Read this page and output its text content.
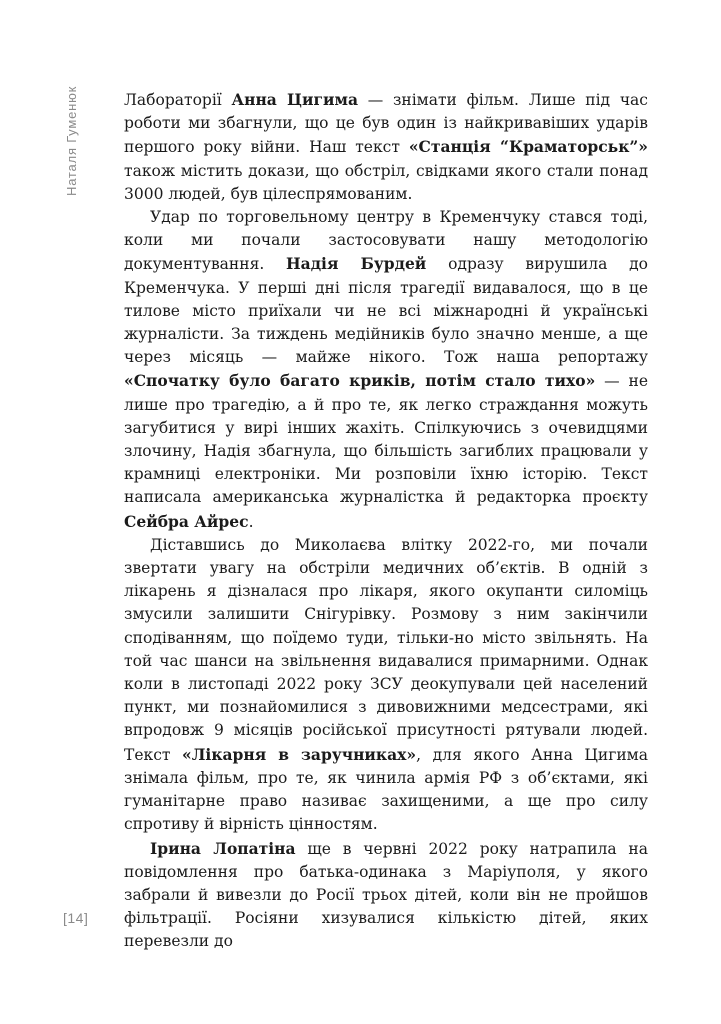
Наталя Гуменюк	Лабораторії Анна Цигима — знімати фільм. Лише під час роботи ми збагнули, що це був один із найкривавіших ударів першого року війни. Наш текст «Станція “Краматорськ”» також містить докази, що обстріл, свідками якого стали понад 3000 людей, був цілеспрямованим.

Удар по торговельному центру в Кременчуку стався тоді, коли ми почали застосовувати нашу методологію документування. Надія Бурдей одразу вирушила до Кременчука. У перші дні після трагедії видавалося, що в це тилове місто приїхали чи не всі міжнародні й українські журналісти. За тиждень медійників було значно менше, а ще через місяць — майже нікого. Тож наша репортажу «Спочатку було багато криків, потім стало тихо» — не лише про трагедію, а й про те, як легко страждання можуть загубитися у вирі інших жахіть. Спілкуючись з очевидцями злочину, Надія збагнула, що більшість загиблих працювали у крамниці електроніки. Ми розповіли їхню історію. Текст написала американська журналістка й редакторка проєкту Сейбра Айрес.

Діставшись до Миколаєва влітку 2022-го, ми почали звертати увагу на обстріли медичних об’єктів. В одній з лікарень я дізналася про лікаря, якого окупанти силоміць змусили залишити Снігурівку. Розмову з ним закінчили сподіванням, що поїдемо туди, тільки-но місто звільнять. На той час шанси на звільнення видавалися примарними. Однак коли в листопаді 2022 року ЗСУ деокупували цей населений пункт, ми познайомилися з дивовижними медсестрами, які впродовж 9 місяців російської присутності рятували людей. Текст «Лікарня в заручниках», для якого Анна Цигима знімала фільм, про те, як чинила армія РФ з об’єктами, які гуманітарне право називає захищеними, а ще про силу спротиву й вірність цінностям.

Ірина Лопатіна ще в червні 2022 року натрапила на повідомлення про батька-одинака з Маріуполя, у якого забрали й вивезли до Росії трьох дітей, коли він не пройшов фільтрації. Росіяни хизувалися кількістю дітей, яких перевезли до

[14]
